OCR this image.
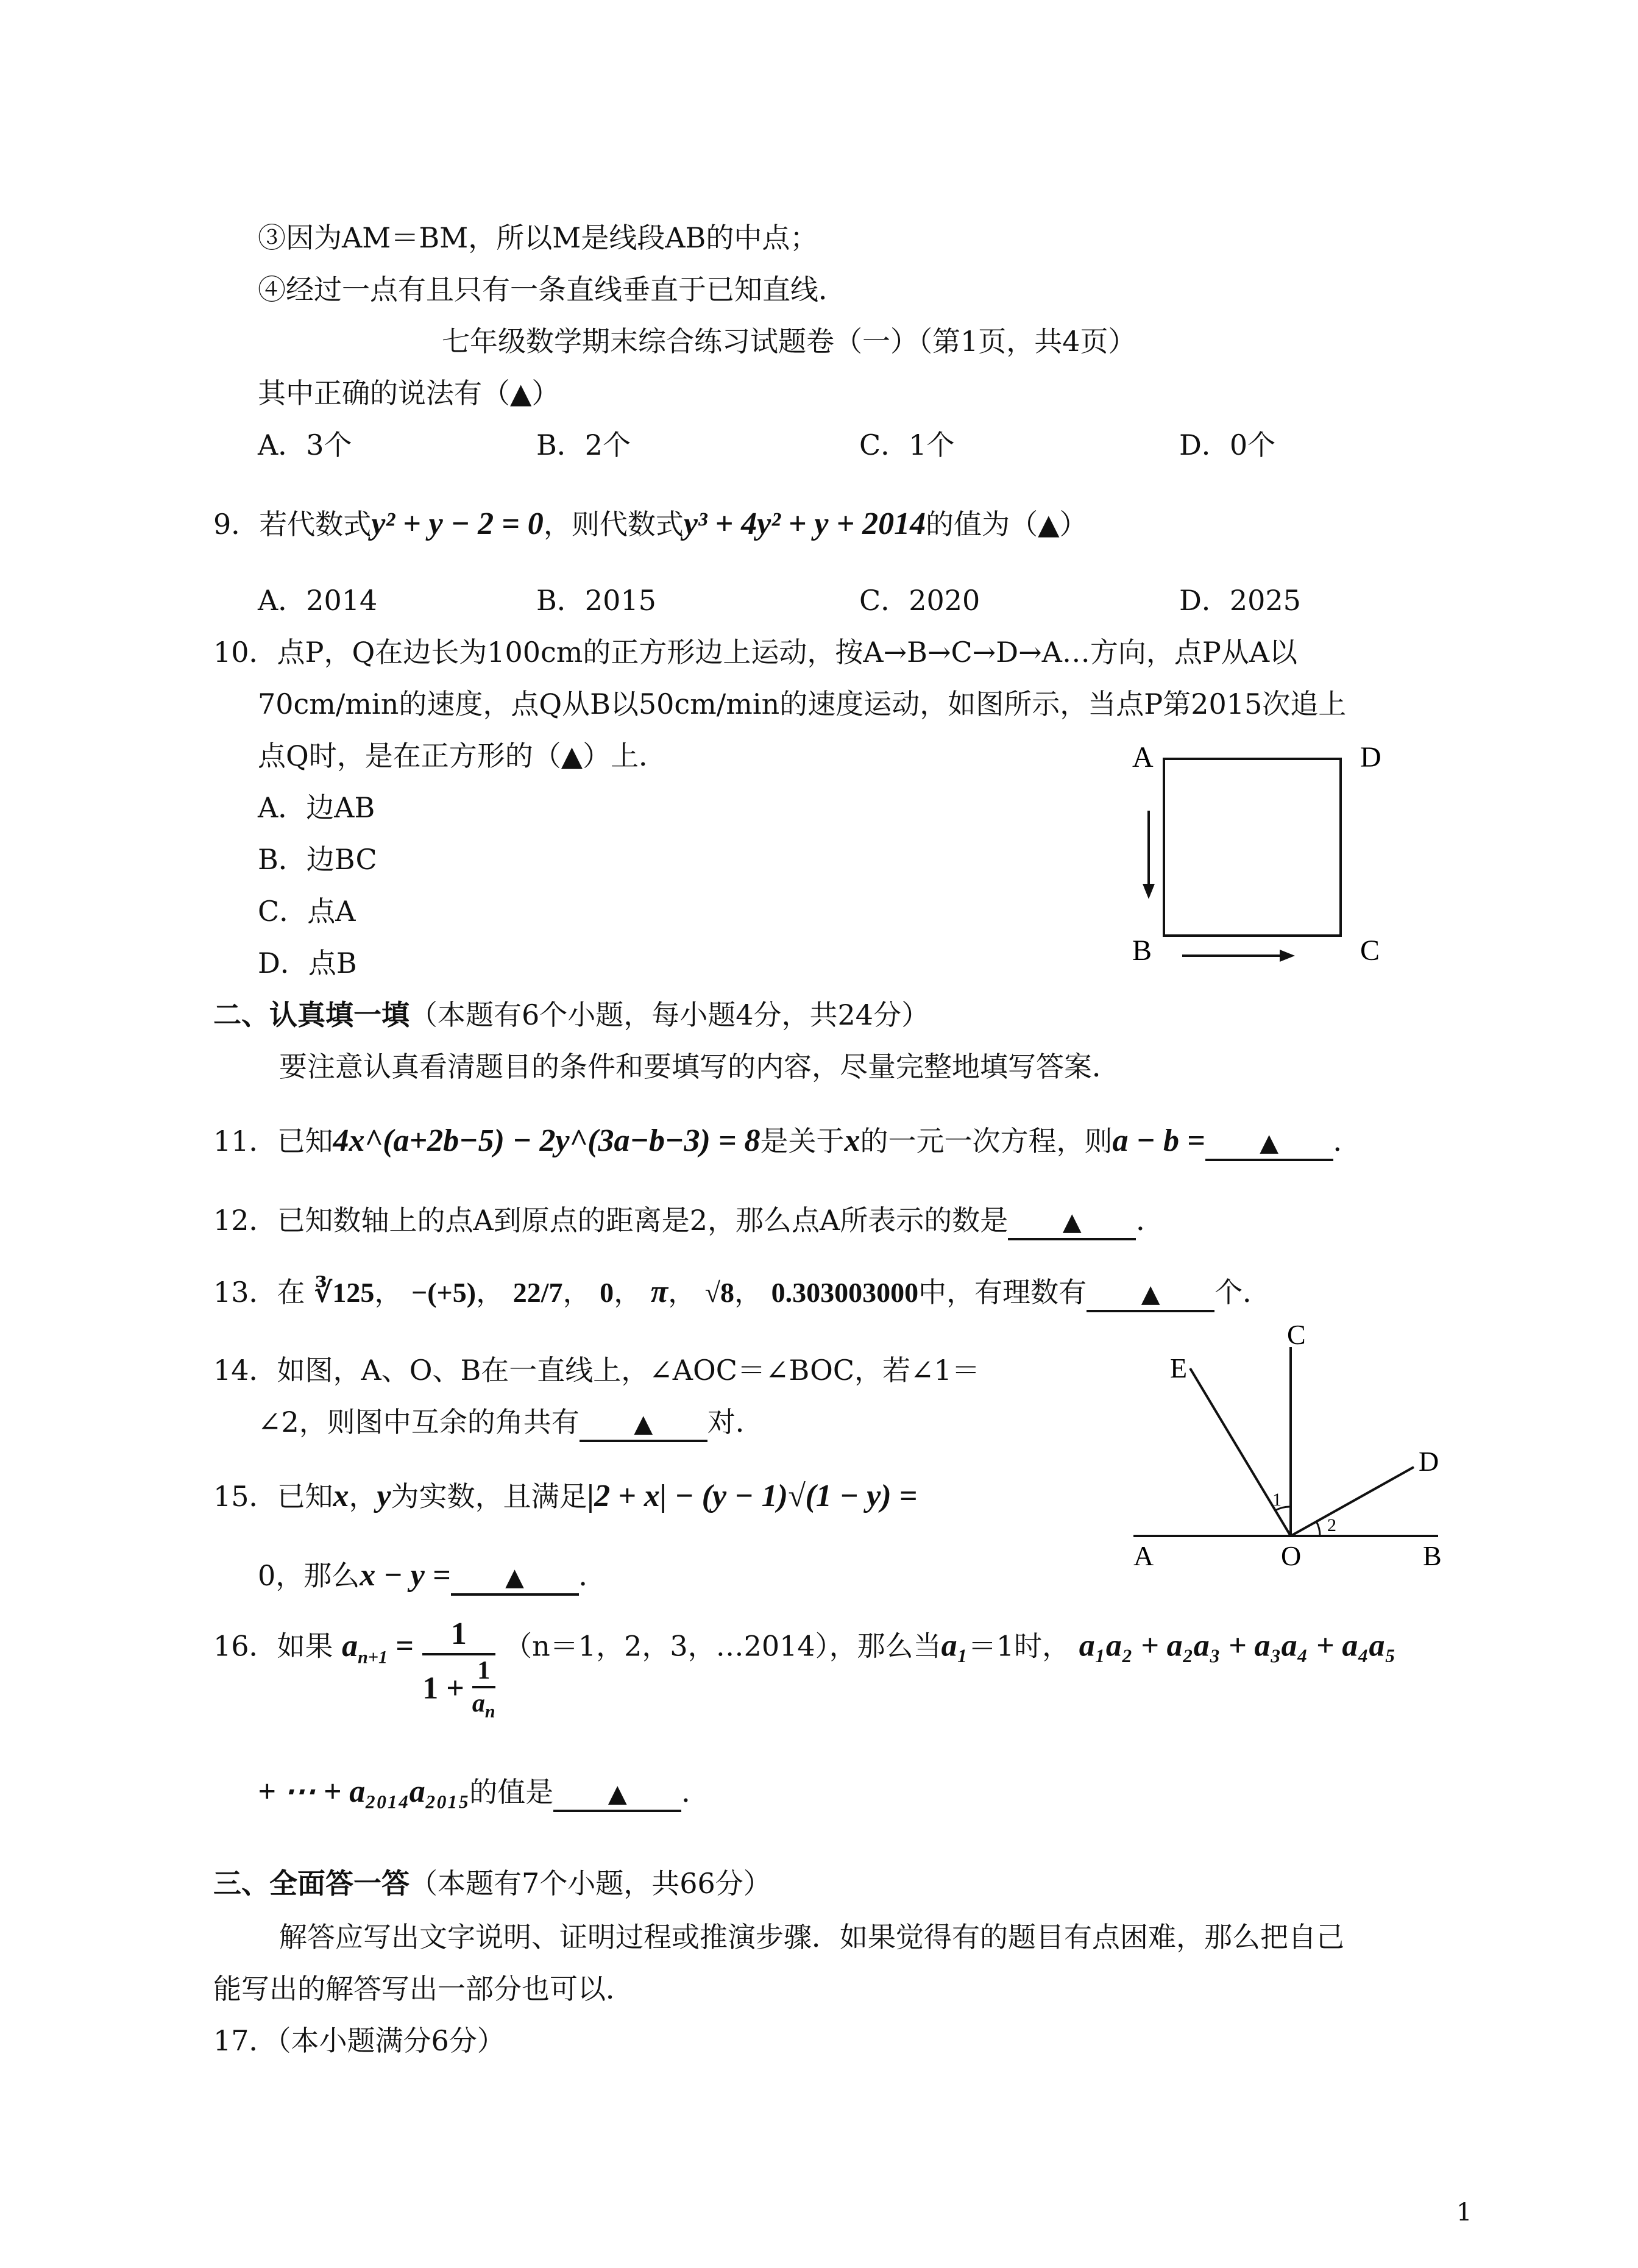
③因为AM＝BM，所以M是线段AB的中点；
④经过一点有且只有一条直线垂直于已知直线．
七年级数学期末综合练习试题卷（一）（第1页，共4页）
其中正确的说法有（▲）
A．3个	B．2个	C．1个	D．0个
9．若代数式y² + y − 2 = 0，则代数式y³ + 4y² + y + 2014的值为（▲）
A．2014	B．2015	C．2020	D．2025
10．点P，Q在边长为100cm的正方形边上运动，按A→B→C→D→A…方向，点P从A以
70cm/min的速度，点Q从B以50cm/min的速度运动，如图所示，当点P第2015次追上
点Q时，是在正方形的（▲）上．
A．边AB
B．边BC
C．点A
D．点B
A	D
B	C
二、认真填一填（本题有6个小题，每小题4分，共24分）
要注意认真看清题目的条件和要填写的内容，尽量完整地填写答案．
11．已知4x^(a+2b−5) − 2y^(3a−b−3) = 8是关于x的一元一次方程，则a − b = ▲ ．
12．已知数轴上的点A到原点的距离是2，那么点A所表示的数是 ▲ ．
13．在 ∛125， −(+5)， 22/7， 0， π， √8， 0.303003000中，有理数有 ▲ 个．
14．如图，A、O、B在一直线上，∠AOC＝∠BOC，若∠1＝
∠2，则图中互余的角共有 ▲ 对．
E
C
D
A	O	B
1
2
15．已知x，y为实数，且满足|2 + x| − (y − 1)√(1 − y) =
0，那么x − y = ▲ ．
16．如果 $a_{n+1} = \frac{1}{1 + \frac{1}{a_n}} (n=1$，2，3，…2014），那么当a₁＝1时， a₁a₂ + a₂a₃ + a₃a₄ + a₄a₅
+ ⋯ + a₂₀₁₄a₂₀₁₅的值是 ▲ ．
三、全面答一答（本题有7个小题，共66分）
解答应写出文字说明、证明过程或推演步骤．如果觉得有的题目有点困难，那么把自己
能写出的解答写出一部分也可以．
17．（本小题满分6分）
1
